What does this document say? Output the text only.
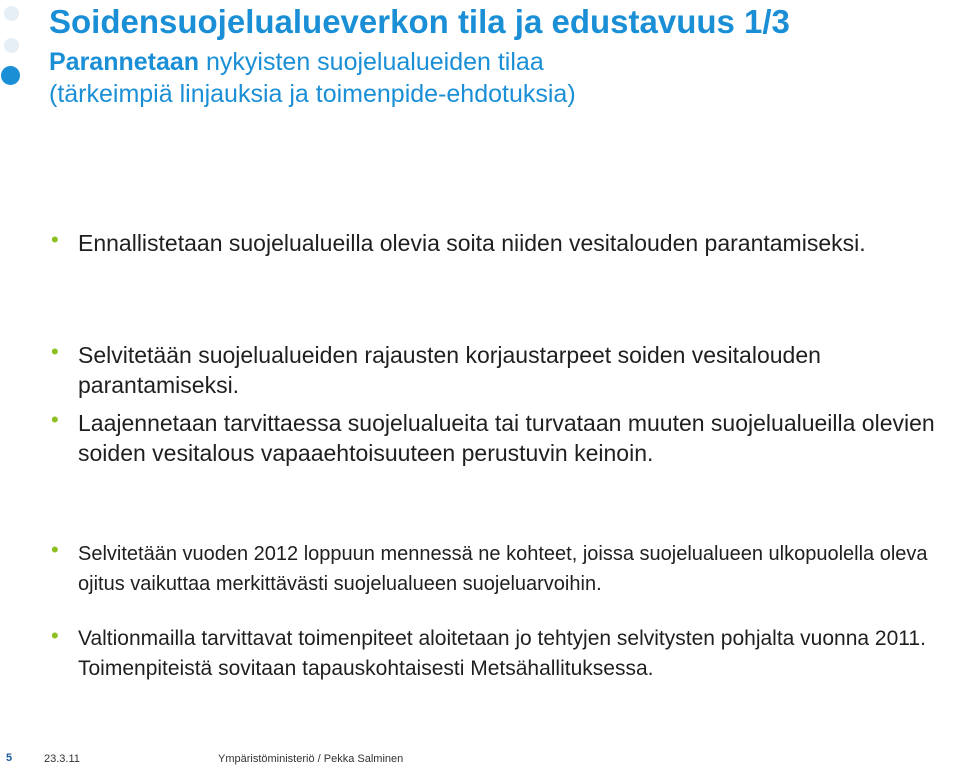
Soidensuojelualueverkon tila ja edustavuus 1/3
Parannetaan nykyisten suojelualueiden tilaa
(tärkeimpiä linjauksia ja toimenpide-ehdotuksia)
• Ennallistetaan suojelualueilla olevia soita niiden vesitalouden parantamiseksi.
• Selvitetään suojelualueiden rajausten korjaustarpeet soiden vesitalouden parantamiseksi.
• Laajennetaan tarvittaessa suojelualueita tai turvataan muuten suojelualueilla olevien soiden vesitalous vapaaehtoisuuteen perustuvin keinoin.
• Selvitetään vuoden 2012 loppuun mennessä ne kohteet, joissa suojelualueen ulkopuolella oleva ojitus vaikuttaa merkittävästi suojelualueen suojeluarvoihin.
• Valtionmailla tarvittavat toimenpiteet aloitetaan jo tehtyjen selvitysten pohjalta vuonna 2011. Toimenpiteistä sovitaan tapauskohtaisesti Metsähallituksessa.
5	23.3.11	Ympäristöministeriö / Pekka Salminen
